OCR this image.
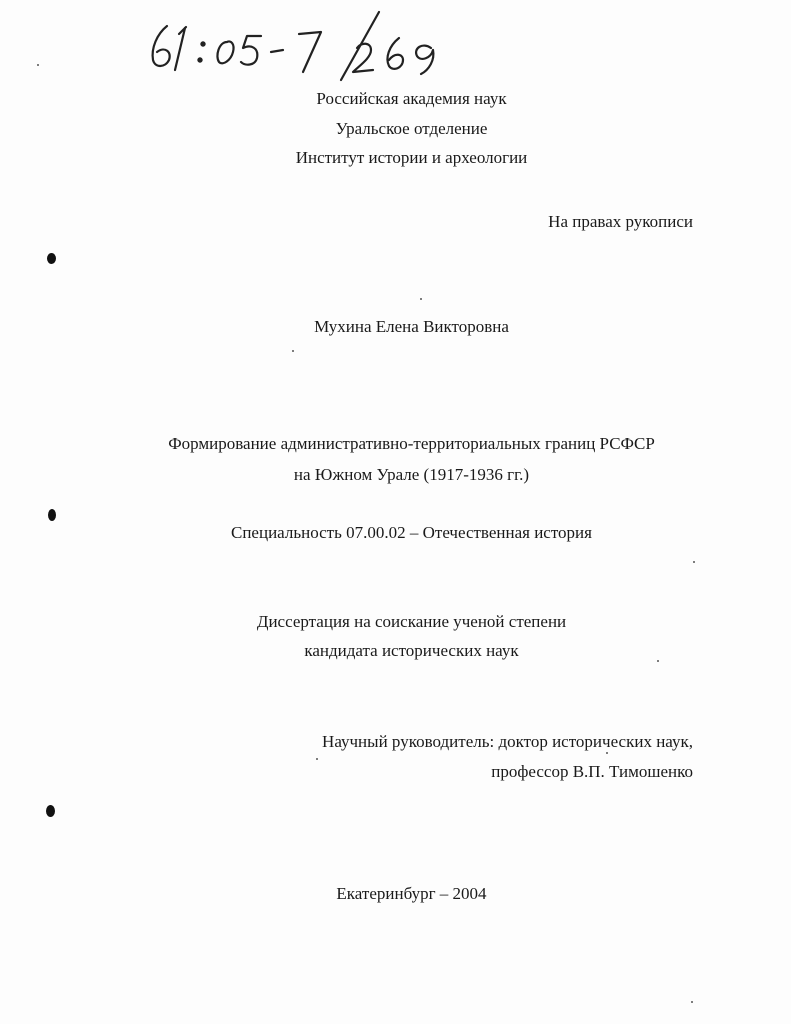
Российская академия наук
Уральское отделение
Институт истории и археологии
На правах рукописи
Мухина Елена Викторовна
Формирование административно-территориальных границ РСФСР
на Южном Урале (1917-1936 гг.)
Специальность 07.00.02 – Отечественная история
Диссертация на соискание ученой степени
кандидата исторических наук
Научный руководитель: доктор исторических наук,
профессор В.П. Тимошенко
Екатеринбург – 2004
